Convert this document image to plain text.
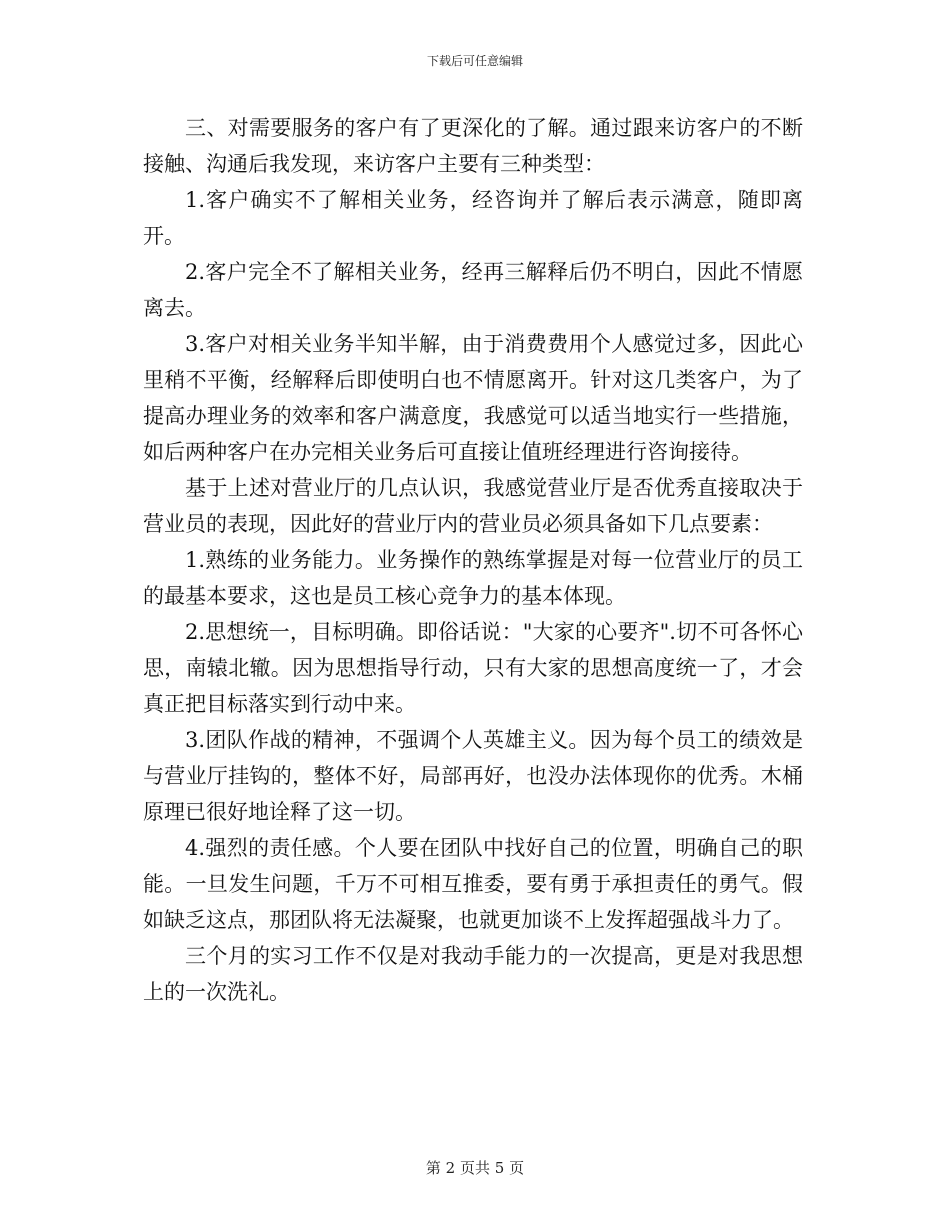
下载后可任意编辑

三、对需要服务的客户有了更深化的了解。通过跟来访客户的不断接触、沟通后我发现，来访客户主要有三种类型：

1.客户确实不了解相关业务，经咨询并了解后表示满意，随即离开。

2.客户完全不了解相关业务，经再三解释后仍不明白，因此不情愿离去。

3.客户对相关业务半知半解，由于消费费用个人感觉过多，因此心里稍不平衡，经解释后即使明白也不情愿离开。针对这几类客户，为了提高办理业务的效率和客户满意度，我感觉可以适当地实行一些措施，如后两种客户在办完相关业务后可直接让值班经理进行咨询接待。

基于上述对营业厅的几点认识，我感觉营业厅是否优秀直接取决于营业员的表现，因此好的营业厅内的营业员必须具备如下几点要素：

1.熟练的业务能力。业务操作的熟练掌握是对每一位营业厅的员工的最基本要求，这也是员工核心竞争力的基本体现。

2.思想统一，目标明确。即俗话说："大家的心要齐".切不可各怀心思，南辕北辙。因为思想指导行动，只有大家的思想高度统一了，才会真正把目标落实到行动中来。

3.团队作战的精神，不强调个人英雄主义。因为每个员工的绩效是与营业厅挂钩的，整体不好，局部再好，也没办法体现你的优秀。木桶原理已很好地诠释了这一切。

4.强烈的责任感。个人要在团队中找好自己的位置，明确自己的职能。一旦发生问题，千万不可相互推委，要有勇于承担责任的勇气。假如缺乏这点，那团队将无法凝聚，也就更加谈不上发挥超强战斗力了。

三个月的实习工作不仅是对我动手能力的一次提高，更是对我思想上的一次洗礼。

第 2 页共 5 页
